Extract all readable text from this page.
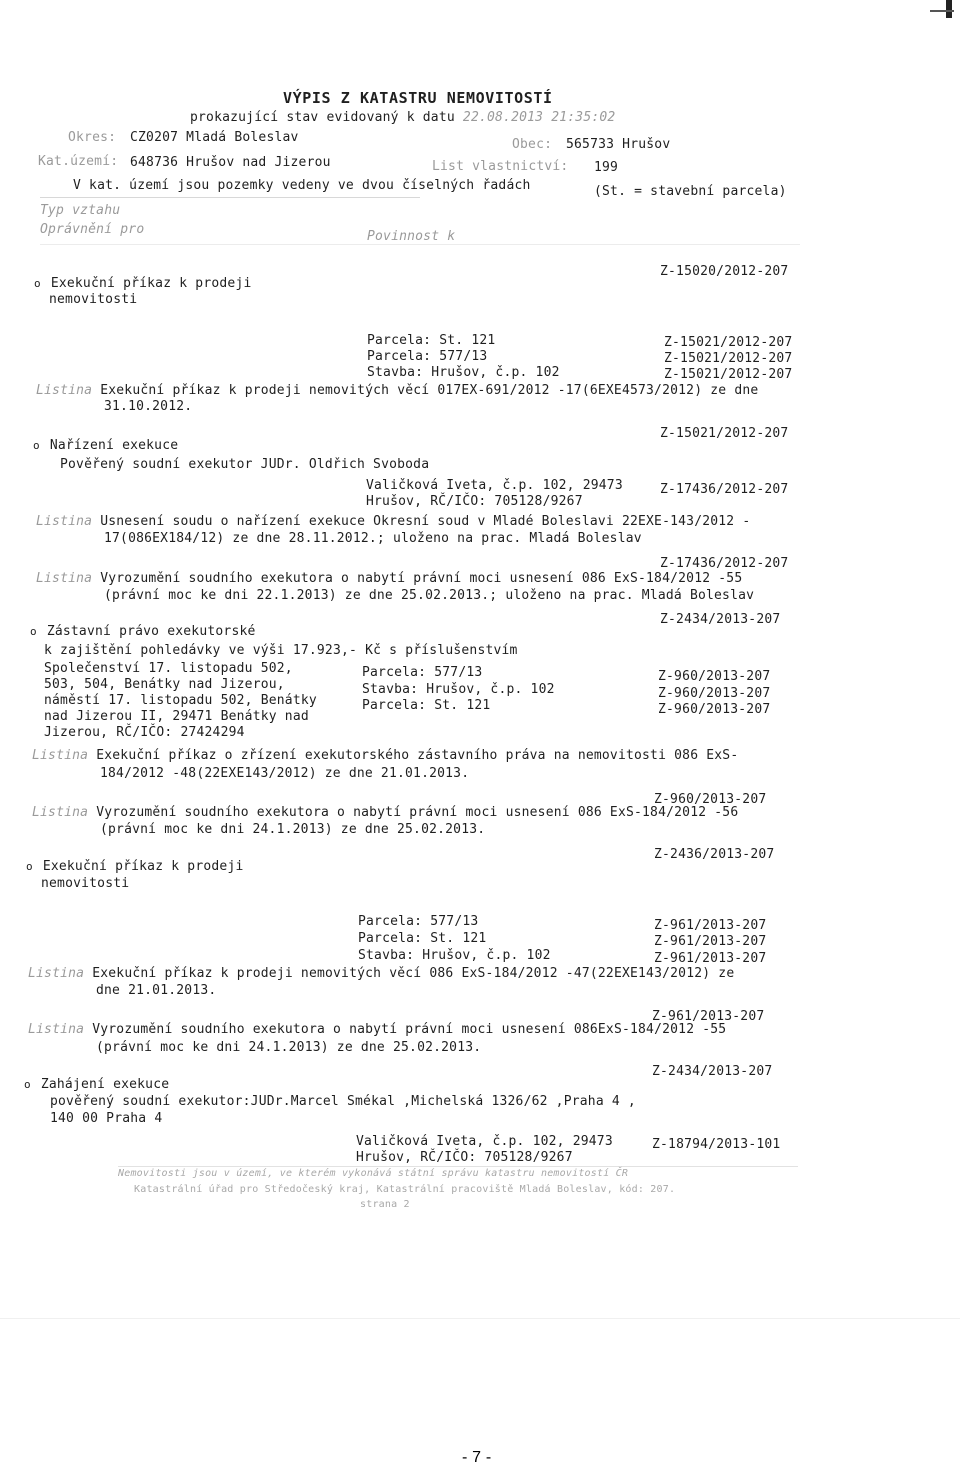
VÝPIS Z KATASTRU NEMOVITOSTÍ
prokazující stav evidovaný k datu 22.08.2013 21:35:02
Okres: CZ0207 Mladá Boleslav	Obec: 565733 Hrušov
Kat.území: 648736 Hrušov nad Jizerou	List vlastnictví: 199
V kat. území jsou pozemky vedeny ve dvou číselných řadách	(St. = stavební parcela)
Typ vztahu
Oprávnění pro	Povinnost k
o Exekuční příkaz k prodeji
nemovitosti
Z-15020/2012-207
Parcela: St. 121	Z-15021/2012-207
Parcela: 577/13	Z-15021/2012-207
Stavba: Hrušov, č.p. 102	Z-15021/2012-207
Listina Exekuční příkaz k prodeji nemovitých věcí 017EX-691/2012 -17(6EXE4573/2012) ze dne
31.10.2012.
Z-15021/2012-207
o Nařízení exekuce
Pověřený soudní exekutor JUDr. Oldřich Svoboda
Valičková Iveta, č.p. 102, 29473
Hrušov, RČ/IČO: 705128/9267
Z-17436/2012-207
Listina Usnesení soudu o nařízení exekuce Okresní soud v Mladé Boleslavi 22EXE-143/2012 -
17(086EX184/12) ze dne 28.11.2012.; uloženo na prac. Mladá Boleslav
Z-17436/2012-207
Listina Vyrozumění soudního exekutora o nabytí právní moci usnesení 086 ExS-184/2012 -55
(právní moc ke dni 22.1.2013) ze dne 25.02.2013.; uloženo na prac. Mladá Boleslav
Z-2434/2013-207
o Zástavní právo exekutorské
k zajištění pohledávky ve výši 17.923,- Kč s příslušenstvím
Společenství 17. listopadu 502,
503, 504, Benátky nad Jizerou,
náměstí 17. listopadu 502, Benátky
nad Jizerou II, 29471 Benátky nad
Jizerou, RČ/IČO: 27424294
Parcela: 577/13	Z-960/2013-207
Stavba: Hrušov, č.p. 102	Z-960/2013-207
Parcela: St. 121	Z-960/2013-207
Listina Exekuční příkaz o zřízení exekutorského zástavního práva na nemovitosti 086 ExS-
184/2012 -48(22EXE143/2012) ze dne 21.01.2013.
Z-960/2013-207
Listina Vyrozumění soudního exekutora o nabytí právní moci usnesení 086 ExS-184/2012 -56
(právní moc ke dni 24.1.2013) ze dne 25.02.2013.
Z-2436/2013-207
o Exekuční příkaz k prodeji
nemovitosti
Parcela: 577/13	Z-961/2013-207
Parcela: St. 121	Z-961/2013-207
Stavba: Hrušov, č.p. 102	Z-961/2013-207
Listina Exekuční příkaz k prodeji nemovitých věcí 086 ExS-184/2012 -47(22EXE143/2012) ze
dne 21.01.2013.
Z-961/2013-207
Listina Vyrozumění soudního exekutora o nabytí právní moci usnesení 086ExS-184/2012 -55
(právní moc ke dni 24.1.2013) ze dne 25.02.2013.
Z-2434/2013-207
o Zahájení exekuce
pověřený soudní exekutor:JUDr.Marcel Smékal ,Michelská 1326/62 ,Praha 4 ,
140 00 Praha 4
Valičková Iveta, č.p. 102, 29473	Z-18794/2013-101
Hrušov, RČ/IČO: 705128/9267
Nemovitosti jsou v území, ve kterém vykonává státní správu katastru nemovitostí ČR
Katastrální úřad pro Středočeský kraj, Katastrální pracoviště Mladá Boleslav, kód: 207.
strana 2
- 7 -
